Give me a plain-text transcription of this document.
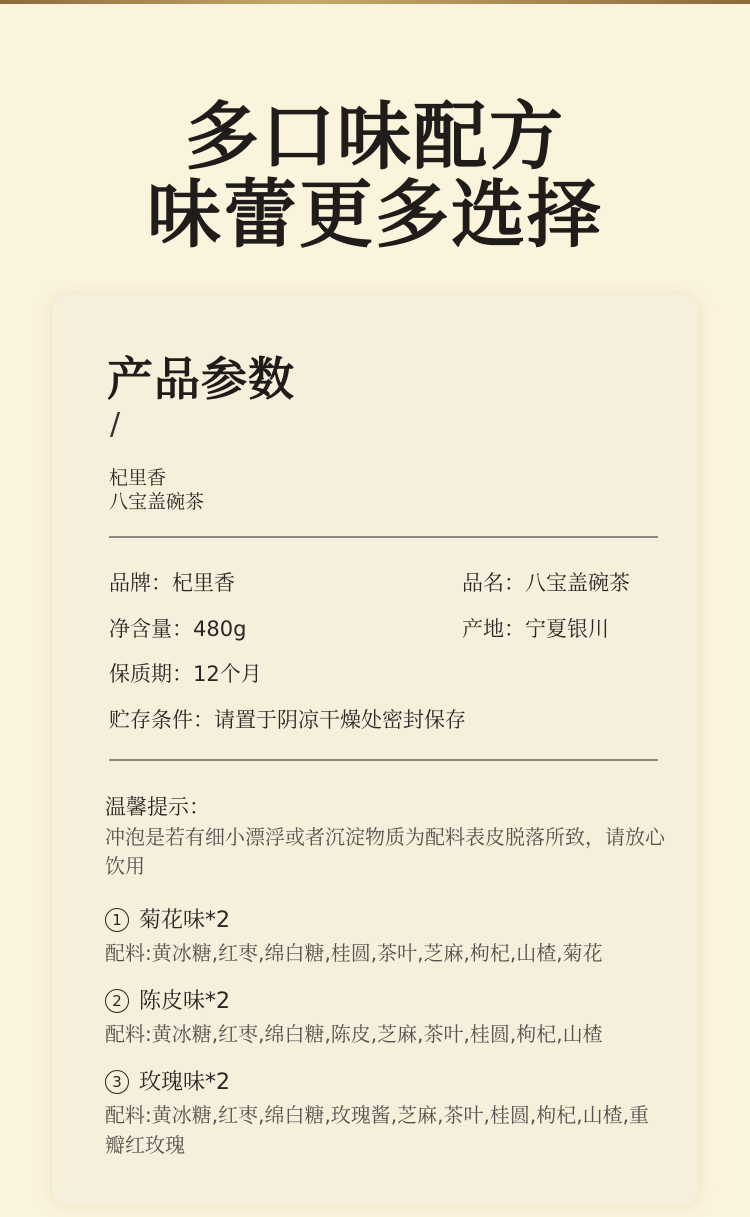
多口味配方
味蕾更多选择
产品参数
/
杞里香
八宝盖碗茶
品牌：杞里香	品名：八宝盖碗茶
净含量：480g	产地：宁夏银川
保质期：12个月
贮存条件：请置于阴凉干燥处密封保存
温馨提示：
冲泡是若有细小漂浮或者沉淀物质为配料表皮脱落所致，请放心饮用
1 菊花味*2
配料:黄冰糖,红枣,绵白糖,桂圆,茶叶,芝麻,枸杞,山楂,菊花
2 陈皮味*2
配料:黄冰糖,红枣,绵白糖,陈皮,芝麻,茶叶,桂圆,枸杞,山楂
3 玫瑰味*2
配料:黄冰糖,红枣,绵白糖,玫瑰酱,芝麻,茶叶,桂圆,枸杞,山楂,重瓣红玫瑰
